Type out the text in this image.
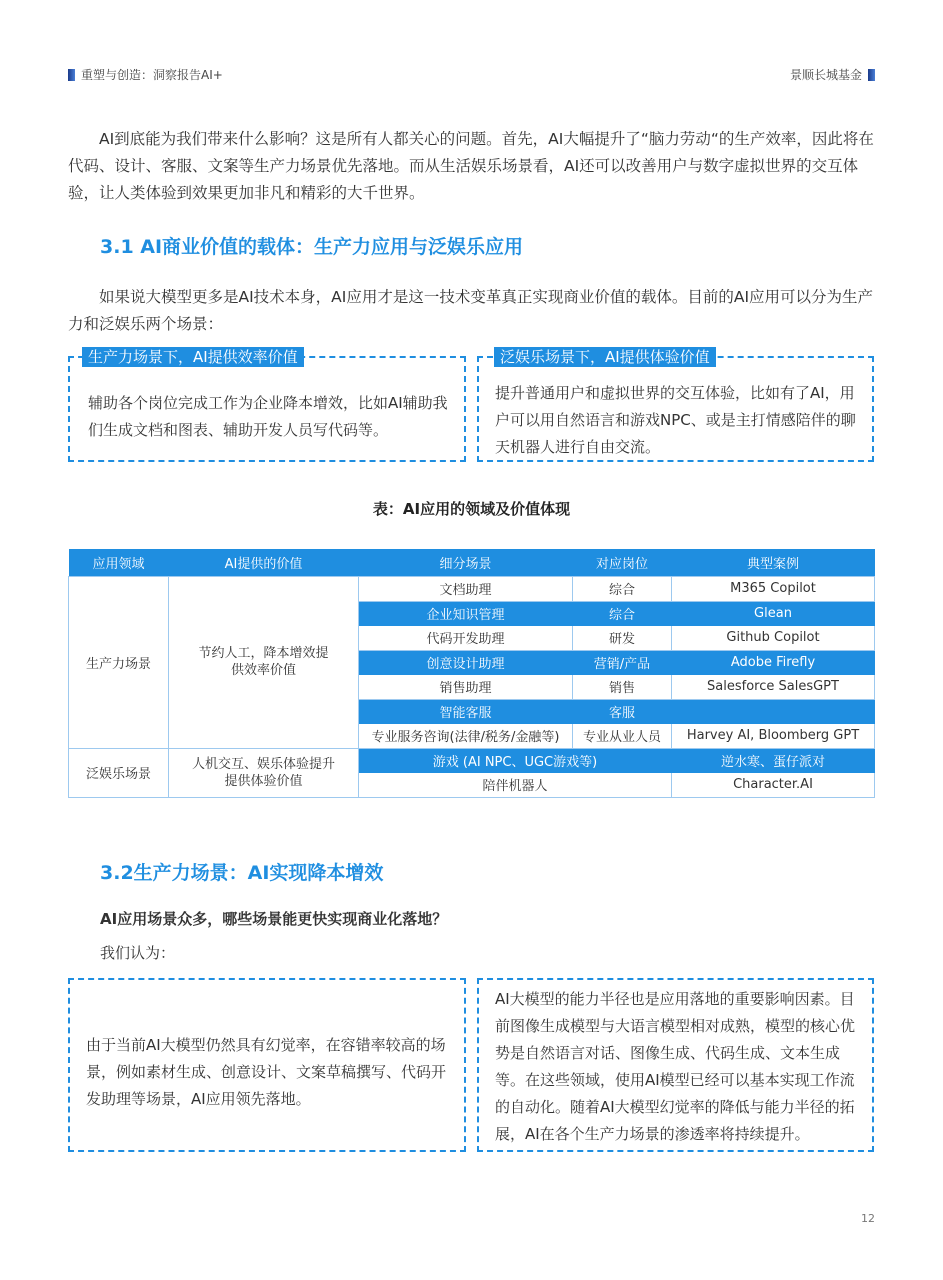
重塑与创造：洞察报告AI+	景顺长城基金
AI到底能为我们带来什么影响？这是所有人都关心的问题。首先，AI大幅提升了“脑力劳动“的生产效率，因此将在代码、设计、客服、文案等生产力场景优先落地。而从生活娱乐场景看，AI还可以改善用户与数字虚拟世界的交互体验，让人类体验到效果更加非凡和精彩的大千世界。
3.1 AI商业价值的载体：生产力应用与泛娱乐应用
如果说大模型更多是AI技术本身，AI应用才是这一技术变革真正实现商业价值的载体。目前的AI应用可以分为生产力和泛娱乐两个场景：
辅助各个岗位完成工作为企业降本增效，比如AI辅助我们生成文档和图表、辅助开发人员写代码等。
生产力场景下，AI提供效率价值
提升普通用户和虚拟世界的交互体验，比如有了AI，用户可以用自然语言和游戏NPC、或是主打情感陪伴的聊天机器人进行自由交流。
泛娱乐场景下，AI提供体验价值
表：AI应用的领域及价值体现
应用领域	AI提供的价值	细分场景	对应岗位	典型案例
生产力场景	节约人工，降本增效提供效率价值	文档助理	综合	M365 Copilot
		企业知识管理	综合	Glean
		代码开发助理	研发	Github Copilot
		创意设计助理	营销/产品	Adobe Firefly
		销售助理	销售	Salesforce SalesGPT
		智能客服	客服	
		专业服务咨询(法律/税务/金融等)	专业从业人员	Harvey AI, Bloomberg GPT
泛娱乐场景	人机交互、娱乐体验提升提供体验价值	游戏 (AI NPC、UGC游戏等)		逆水寒、蛋仔派对
		陪伴机器人		Character.AI
3.2生产力场景：AI实现降本增效
AI应用场景众多，哪些场景能更快实现商业化落地？
我们认为：
由于当前AI大模型仍然具有幻觉率，在容错率较高的场景，例如素材生成、创意设计、文案草稿撰写、代码开发助理等场景，AI应用领先落地。
AI大模型的能力半径也是应用落地的重要影响因素。目前图像生成模型与大语言模型相对成熟，模型的核心优势是自然语言对话、图像生成、代码生成、文本生成等。在这些领域，使用AI模型已经可以基本实现工作流的自动化。随着AI大模型幻觉率的降低与能力半径的拓展，AI在各个生产力场景的渗透率将持续提升。
12
